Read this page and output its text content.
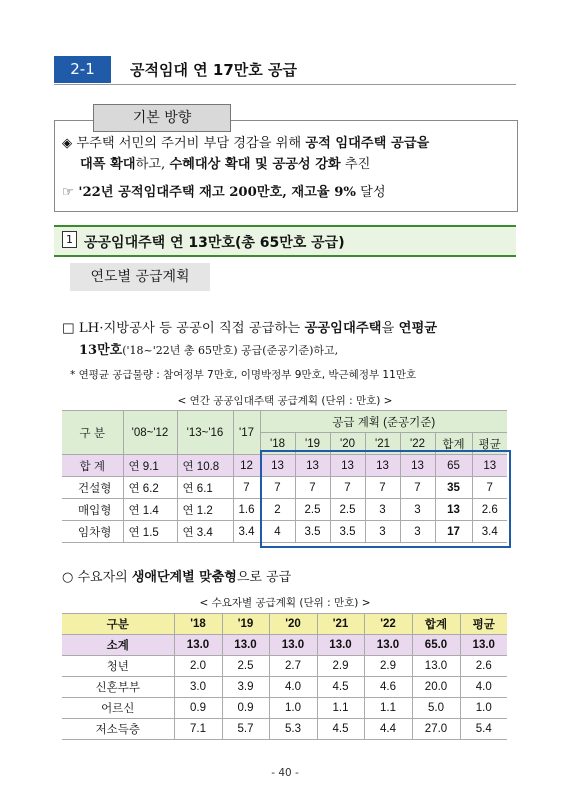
2-1	공적임대 연 17만호 공급
기본 방향
◈ 무주택 서민의 주거비 부담 경감을 위해 공적 임대주택 공급을
대폭 확대하고, 수혜대상 확대 및 공공성 강화 추진
☞ '22년 공적임대주택 재고 200만호, 재고율 9% 달성
1 공공임대주택 연 13만호(총 65만호 공급)
연도별 공급계획
□ LH·지방공사 등 공공이 직접 공급하는 공공임대주택을 연평균
13만호('18~'22년 총 65만호) 공급(준공기준)하고,
* 연평균 공급물량 : 참여정부 7만호, 이명박정부 9만호, 박근혜정부 11만호
< 연간 공공임대주택 공급계획 (단위 : 만호) >
구 분	'08~'12	'13~'16	'17	공급 계획 (준공기준)						
				'18	'19	'20	'21	'22	합계	평균
합 계	연 9.1	연 10.8	12	13	13	13	13	13	65	13
건설형	연 6.2	연 6.1	7	7	7	7	7	7	35	7
매입형	연 1.4	연 1.2	1.6	2	2.5	2.5	3	3	13	2.6
임차형	연 1.5	연 3.4	3.4	4	3.5	3.5	3	3	17	3.4
○ 수요자의 생애단계별 맞춤형으로 공급
< 수요자별 공급계획 (단위 : 만호) >
구분	'18	'19	'20	'21	'22	합계	평균
소계	13.0	13.0	13.0	13.0	13.0	65.0	13.0
청년	2.0	2.5	2.7	2.9	2.9	13.0	2.6
신혼부부	3.0	3.9	4.0	4.5	4.6	20.0	4.0
어르신	0.9	0.9	1.0	1.1	1.1	5.0	1.0
저소득층	7.1	5.7	5.3	4.5	4.4	27.0	5.4
- 40 -
